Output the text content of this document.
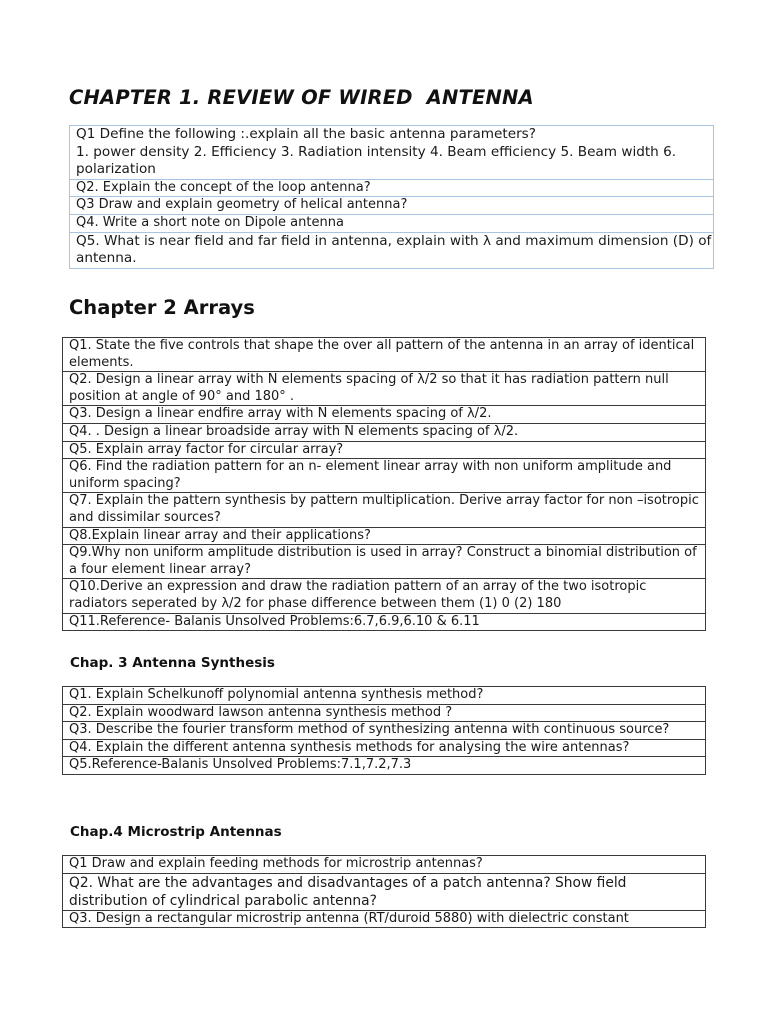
CHAPTER 1. REVIEW OF WIRED  ANTENNA
Q1 Define the following :.explain all the basic antenna parameters?
1. power density 2. Efficiency 3. Radiation intensity 4. Beam efficiency 5. Beam width 6. polarization
Q2. Explain the concept of the loop antenna?
Q3 Draw and explain geometry of helical antenna?
Q4. Write a short note on Dipole antenna
Q5. What is near field and far field in antenna, explain with λ and maximum dimension (D) of antenna.
Chapter 2 Arrays
Q1. State the five controls that shape the over all pattern of the antenna in an array of identical elements.
Q2. Design a linear array with N elements spacing of λ/2 so that it has radiation pattern null position at angle of 90° and 180° .
Q3. Design a linear endfire array with N elements spacing of λ/2.
Q4. . Design a linear broadside array with N elements spacing of λ/2.
Q5. Explain array factor for circular array?
Q6. Find the radiation pattern for an n- element linear array with non uniform amplitude and uniform spacing?
Q7. Explain the pattern synthesis by pattern multiplication. Derive array factor for non –isotropic and dissimilar sources?
Q8.Explain linear array and their applications?
Q9.Why non uniform amplitude distribution is used in array? Construct a binomial distribution of a four element linear array?
Q10.Derive an expression and draw the radiation pattern of an array of the two isotropic radiators seperated by λ/2 for phase difference between them (1) 0 (2) 180
Q11.Reference- Balanis Unsolved Problems:6.7,6.9,6.10 & 6.11
Chap. 3 Antenna Synthesis
Q1. Explain Schelkunoff polynomial antenna synthesis method?
Q2. Explain woodward lawson antenna synthesis method ?
Q3. Describe the fourier transform method of synthesizing antenna with continuous source?
Q4. Explain the different antenna synthesis methods for analysing the wire antennas?
Q5.Reference-Balanis Unsolved Problems:7.1,7.2,7.3
Chap.4 Microstrip Antennas
Q1 Draw and explain feeding methods for microstrip antennas?
Q2. What are the advantages and disadvantages of a patch antenna? Show field distribution of cylindrical parabolic antenna?
Q3. Design a rectangular microstrip antenna (RT/duroid 5880) with dielectric constant
